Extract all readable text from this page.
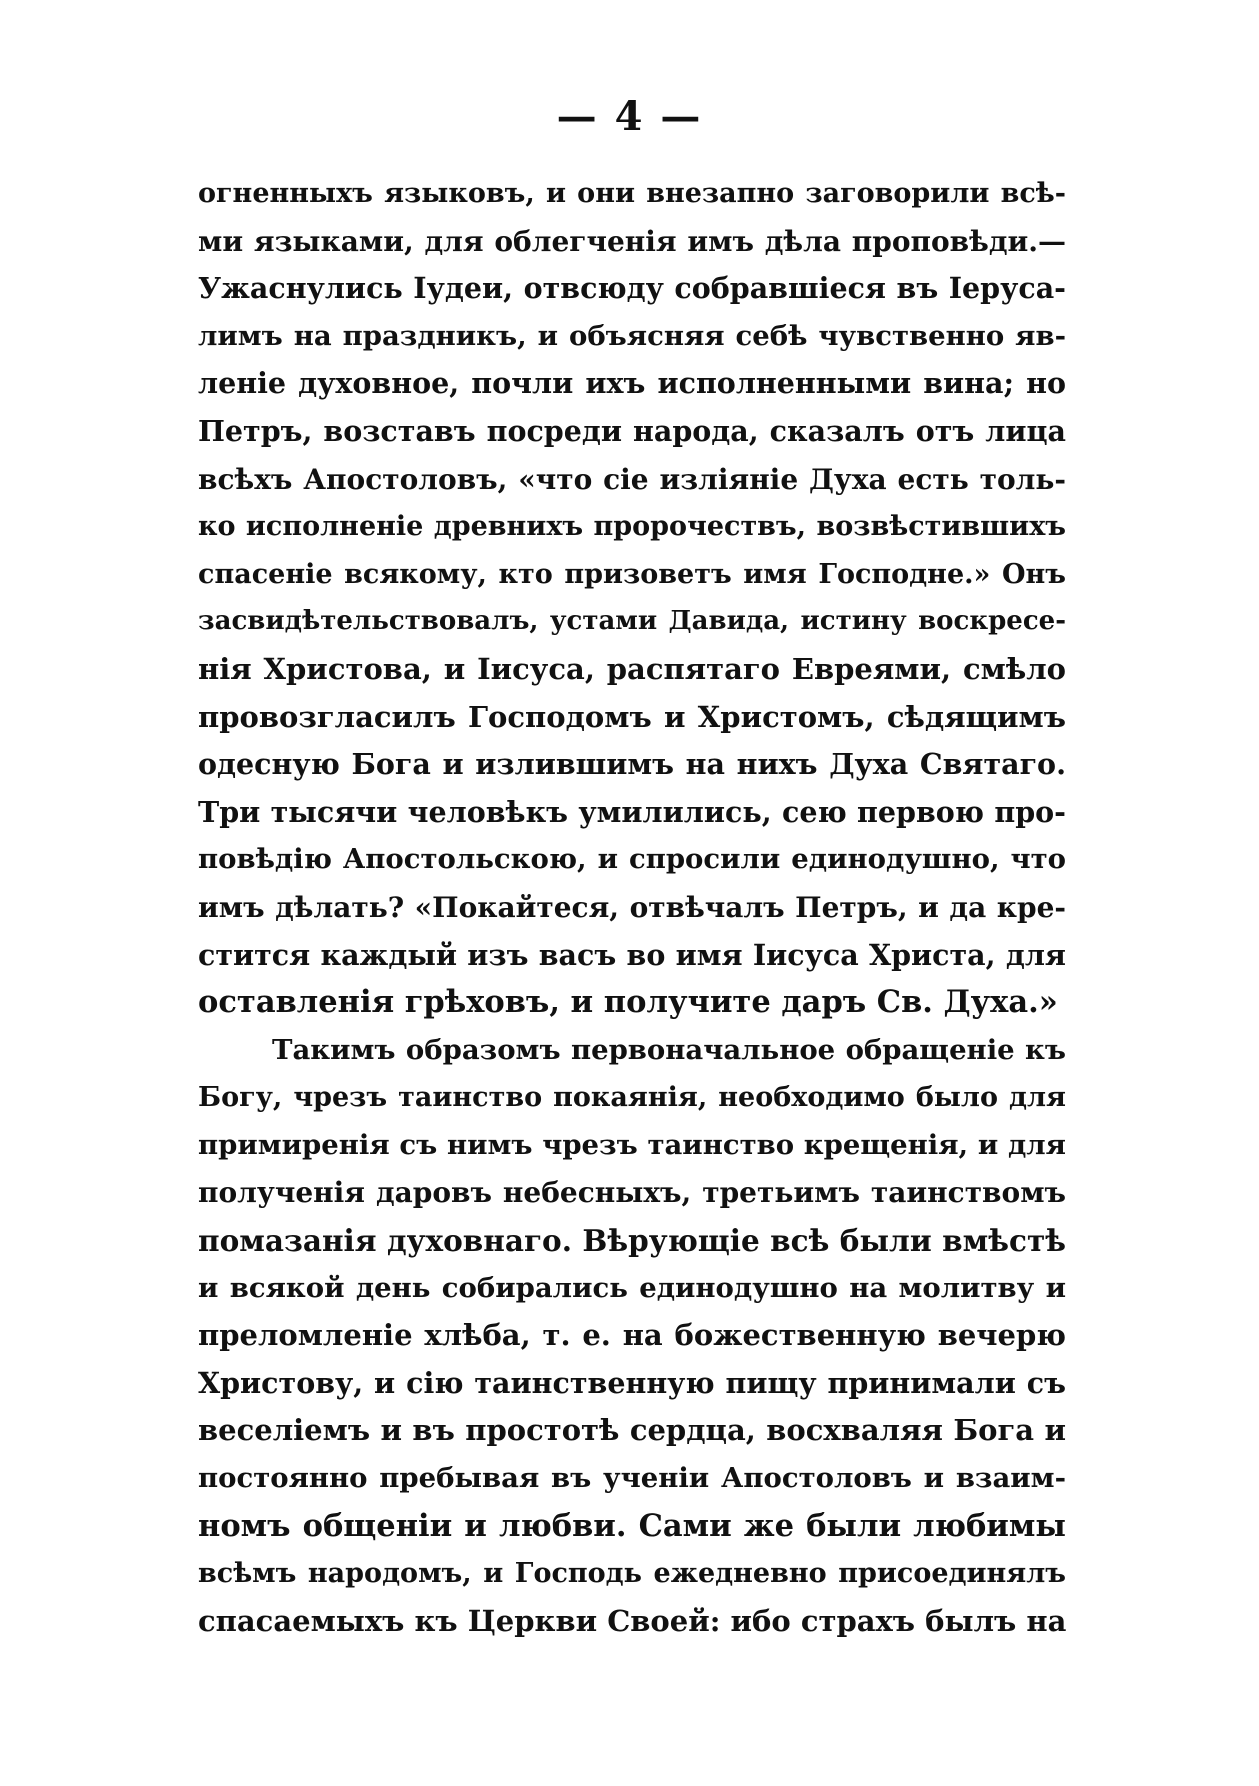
— 4 —
огненныхъ языковъ, и они внезапно заговорили всѣ-
ми языками, для облегченія имъ дѣла проповѣди.—
Ужаснулись Іудеи, отвсюду собравшіеся въ Іеруса-
лимъ на праздникъ, и объясняя себѣ чувственно яв-
леніе духовное, почли ихъ исполненными вина; но
Петръ, возставъ посреди народа, сказалъ отъ лица
всѣхъ Апостоловъ, «что сіе изліяніе Духа есть толь-
ко исполненіе древнихъ пророчествъ, возвѣстившихъ
спасеніе всякому, кто призоветъ имя Господне.» Онъ
засвидѣтельствовалъ, устами Давида, истину воскресе-
нія Христова, и Іисуса, распятаго Евреями, смѣло
провозгласилъ Господомъ и Христомъ, сѣдящимъ
одесную Бога и излившимъ на нихъ Духа Святаго.
Три тысячи человѣкъ умилились, сею первою про-
повѣдію Апостольскою, и спросили единодушно, что
имъ дѣлать? «Покайтеся, отвѣчалъ Петръ, и да кре-
стится каждый изъ васъ во имя Іисуса Христа, для
оставленія грѣховъ, и получите даръ Св. Духа.»
Такимъ образомъ первоначальное обращеніе къ
Богу, чрезъ таинство покаянія, необходимо было для
примиренія съ нимъ чрезъ таинство крещенія, и для
полученія даровъ небесныхъ, третьимъ таинствомъ
помазанія духовнаго. Вѣрующіе всѣ были вмѣстѣ
и всякой день собирались единодушно на молитву и
преломленіе хлѣба, т. е. на божественную вечерю
Христову, и сію таинственную пищу принимали съ
веселіемъ и въ простотѣ сердца, восхваляя Бога и
постоянно пребывая въ ученіи Апостоловъ и взаим-
номъ общеніи и любви. Сами же были любимы
всѣмъ народомъ, и Господь ежедневно присоединялъ
спасаемыхъ къ Церкви Своей: ибо страхъ былъ на
